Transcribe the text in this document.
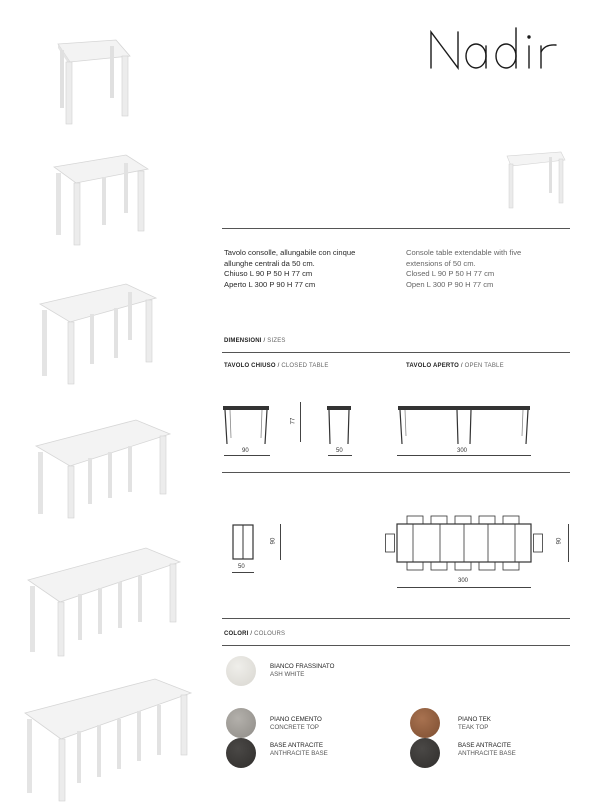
Tavolo consolle, allungabile con cinque
allunghe centrali da 50 cm.
Chiuso L 90 P 50 H 77 cm
Aperto L 300 P 90 H 77 cm
Console table extendable with five
extensions of 50 cm.
Closed L 90 P 50 H 77 cm
Open L 300 P 90 H 77 cm
DIMENSIONI / SIZES
TAVOLO CHIUSO / CLOSED TABLE	TAVOLO APERTO / OPEN TABLE
77
90	50	300
90
50
90
300
COLORI / COLOURS
BIANCO FRASSINATO
ASH WHITE
PIANO CEMENTO
CONCRETE TOP
BASE ANTRACITE
ANTHRACITE BASE
PIANO TEK
TEAK TOP
BASE ANTRACITE
ANTHRACITE BASE
